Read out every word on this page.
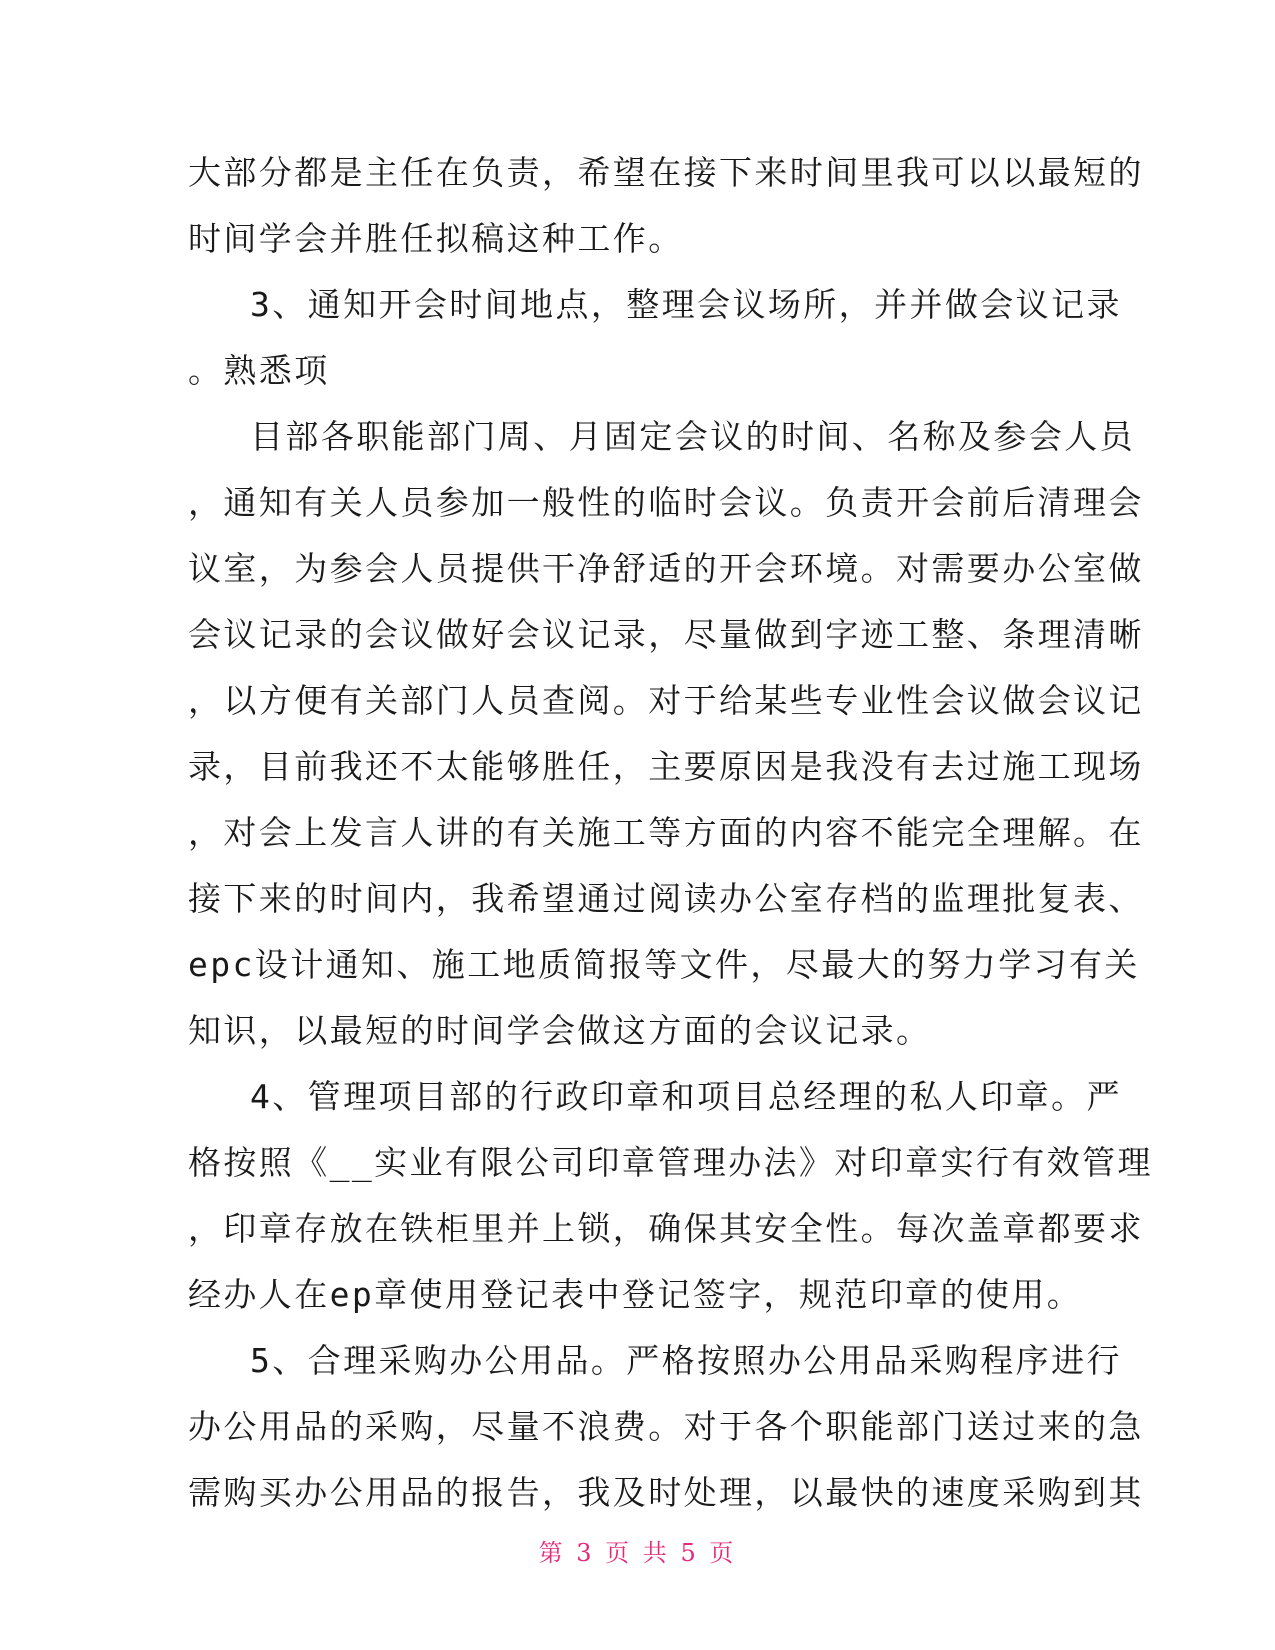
大部分都是主任在负责，希望在接下来时间里我可以以最短的
时间学会并胜任拟稿这种工作。
3、通知开会时间地点，整理会议场所，并并做会议记录
。熟悉项
目部各职能部门周、月固定会议的时间、名称及参会人员
，通知有关人员参加一般性的临时会议。负责开会前后清理会
议室，为参会人员提供干净舒适的开会环境。对需要办公室做
会议记录的会议做好会议记录，尽量做到字迹工整、条理清晰
，以方便有关部门人员查阅。对于给某些专业性会议做会议记
录，目前我还不太能够胜任，主要原因是我没有去过施工现场
，对会上发言人讲的有关施工等方面的内容不能完全理解。在
接下来的时间内，我希望通过阅读办公室存档的监理批复表、
epc设计通知、施工地质简报等文件，尽最大的努力学习有关
知识，以最短的时间学会做这方面的会议记录。
4、管理项目部的行政印章和项目总经理的私人印章。严
格按照《__实业有限公司印章管理办法》对印章实行有效管理
，印章存放在铁柜里并上锁，确保其安全性。每次盖章都要求
经办人在ep章使用登记表中登记签字，规范印章的使用。
5、合理采购办公用品。严格按照办公用品采购程序进行
办公用品的采购，尽量不浪费。对于各个职能部门送过来的急
需购买办公用品的报告，我及时处理，以最快的速度采购到其
第 3 页 共 5 页
